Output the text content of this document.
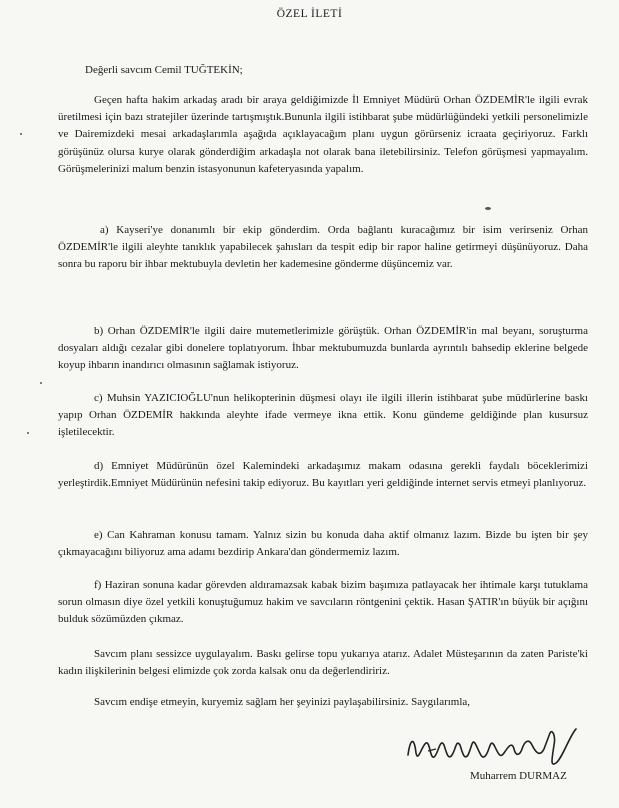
ÖZEL İLETİ
Değerli savcım Cemil TUĞTEKİN;
Geçen hafta hakim arkadaş aradı bir araya geldiğimizde İl Emniyet Müdürü Orhan ÖZDEMİR'le ilgili evrak üretilmesi için bazı stratejiler üzerinde tartışmıştık.Bununla ilgili istihbarat şube müdürlüğündeki yetkili personelimizle ve Dairemizdeki mesai arkadaşlarımla aşağıda açıklayacağım planı uygun görürseniz icraata geçiriyoruz. Farklı görüşünüz olursa kurye olarak gönderdiğim arkadaşla not olarak bana iletebilirsiniz. Telefon görüşmesi yapmayalım. Görüşmelerinizi malum benzin istasyonunun kafeteryasında yapalım.
a) Kayseri'ye donanımlı bir ekip gönderdim. Orda bağlantı kuracağımız bir isim verirseniz Orhan ÖZDEMİR'le ilgili aleyhte tanıklık yapabilecek şahısları da tespit edip bir rapor haline getirmeyi düşünüyoruz. Daha sonra bu raporu bir ihbar mektubuyla devletin her kademesine gönderme düşüncemiz var.
b) Orhan ÖZDEMİR'le ilgili daire mutemetlerimizle görüştük. Orhan ÖZDEMİR'in mal beyanı, soruşturma dosyaları aldığı cezalar gibi donelere toplatıyorum. İhbar mektubumuzda bunlarda ayrıntılı bahsedip eklerine belgede koyup ihbarın inandırıcı olmasının sağlamak istiyoruz.
c) Muhsin YAZICIOĞLU'nun helikopterinin düşmesi olayı ile ilgili illerin istihbarat şube müdürlerine baskı yapıp Orhan ÖZDEMİR hakkında aleyhte ifade vermeye ikna ettik. Konu gündeme geldiğinde plan kusursuz işletilecektir.
d) Emniyet Müdürünün özel Kalemindeki arkadaşımız makam odasına gerekli faydalı böceklerimizi yerleştirdik.Emniyet Müdürünün nefesini takip ediyoruz. Bu kayıtları yeri geldiğinde internet servis etmeyi planlıyoruz.
e) Can Kahraman konusu tamam. Yalnız sizin bu konuda daha aktif olmanız lazım. Bizde bu işten bir şey çıkmayacağını biliyoruz ama adamı bezdirip Ankara'dan göndermemiz lazım.
f) Haziran sonuna kadar görevden aldıramazsak kabak bizim başımıza patlayacak her ihtimale karşı tutuklama sorun olmasın diye özel yetkili konuştuğumuz hakim ve savcıların röntgenini çektik. Hasan ŞATIR'ın büyük bir açığını bulduk sözümüzden çıkmaz.
Savcım planı sessizce uygulayalım. Baskı gelirse topu yukarıya atarız. Adalet Müsteşarının da zaten Pariste'ki kadın ilişkilerinin belgesi elimizde çok zorda kalsak onu da değerlendiririz.
Savcım endişe etmeyin, kuryemiz sağlam her şeyinizi paylaşabilirsiniz. Saygılarımla,
Muharrem DURMAZ
